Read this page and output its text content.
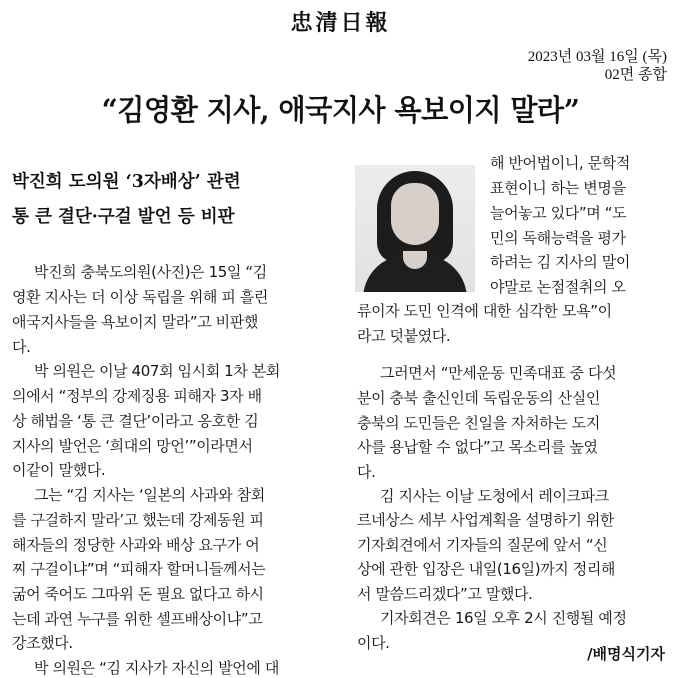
忠清日報
2023년 03월 16일 (목)
02면 종합
“김영환 지사, 애국지사 욕보이지 말라”
박진희 도의원 ‘3자배상’ 관련
통 큰 결단·구걸 발언 등 비판
박진희 충북도의원(사진)은 15일 “김
영환 지사는 더 이상 독립을 위해 피 흘린
애국지사들을 욕보이지 말라”고 비판했
다.
박 의원은 이날 407회 임시회 1차 본회
의에서 “정부의 강제징용 피해자 3자 배
상 해법을 ‘통 큰 결단’이라고 옹호한 김
지사의 발언은 ‘희대의 망언’”이라면서
이같이 말했다.
그는 “김 지사는 ‘일본의 사과와 참회
를 구걸하지 말라’고 했는데 강제동원 피
해자들의 정당한 사과와 배상 요구가 어
찌 구걸이냐”며 “피해자 할머니들께서는
굶어 죽어도 그따위 돈 필요 없다고 하시
는데 과연 누구를 위한 셀프배상이냐”고
강조했다.
박 의원은 “김 지사가 자신의 발언에 대
해 반어법이니, 문학적
표현이니 하는 변명을
늘어놓고 있다”며 “도
민의 독해능력을 평가
하려는 김 지사의 말이
야말로 논점절취의 오
류이자 도민 인격에 대한 심각한 모욕”이
라고 덧붙였다.
그러면서 “만세운동 민족대표 중 다섯
분이 충북 출신인데 독립운동의 산실인
충북의 도민들은 친일을 자처하는 도지
사를 용납할 수 없다”고 목소리를 높였
다.
김 지사는 이날 도청에서 레이크파크
르네상스 세부 사업계획을 설명하기 위한
기자회견에서 기자들의 질문에 앞서 “신
상에 관한 입장은 내일(16일)까지 정리해
서 말씀드리겠다”고 말했다.
기자회견은 16일 오후 2시 진행될 예정
이다.
/배명식기자
